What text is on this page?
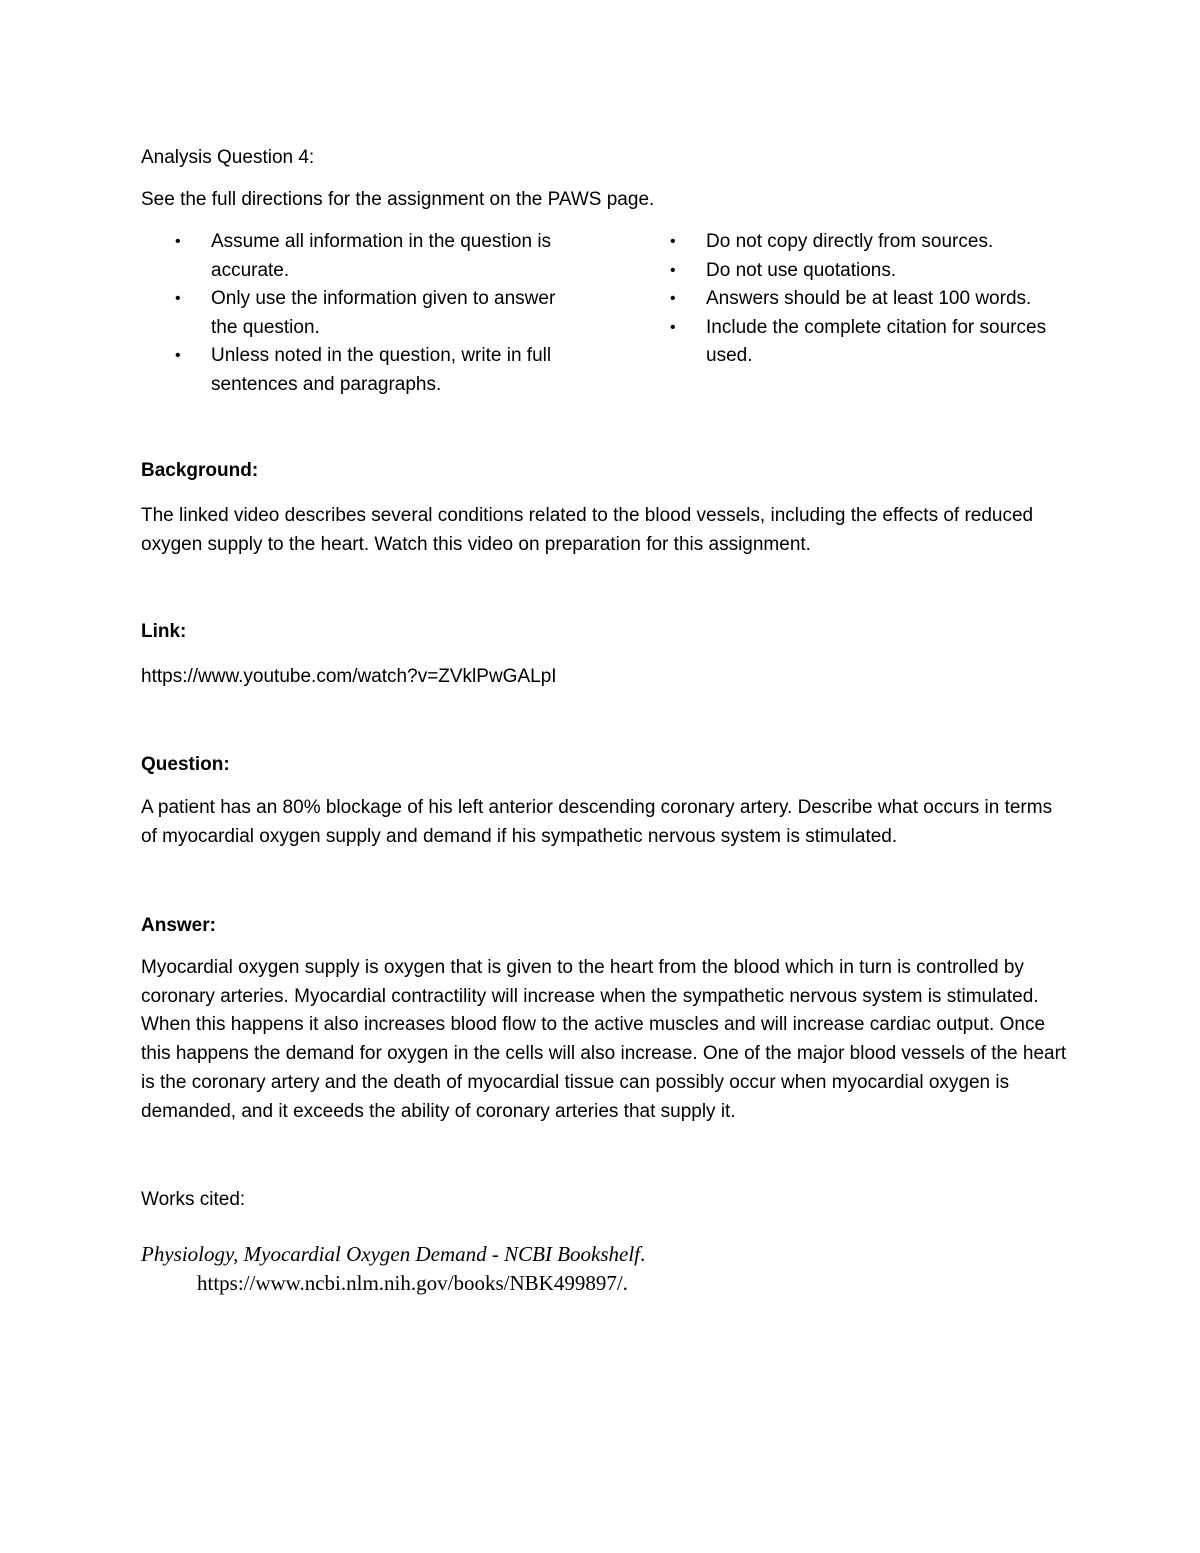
Analysis Question 4:
See the full directions for the assignment on the PAWS page.
• Assume all information in the question is accurate.
• Only use the information given to answer the question.
• Unless noted in the question, write in full sentences and paragraphs.
• Do not copy directly from sources.
• Do not use quotations.
• Answers should be at least 100 words.
• Include the complete citation for sources used.
Background:
The linked video describes several conditions related to the blood vessels, including the effects of reduced oxygen supply to the heart. Watch this video on preparation for this assignment.
Link:
https://www.youtube.com/watch?v=ZVklPwGALpI
Question:
A patient has an 80% blockage of his left anterior descending coronary artery. Describe what occurs in terms of myocardial oxygen supply and demand if his sympathetic nervous system is stimulated.
Answer:
Myocardial oxygen supply is oxygen that is given to the heart from the blood which in turn is controlled by coronary arteries. Myocardial contractility will increase when the sympathetic nervous system is stimulated. When this happens it also increases blood flow to the active muscles and will increase cardiac output. Once this happens the demand for oxygen in the cells will also increase. One of the major blood vessels of the heart is the coronary artery and the death of myocardial tissue can possibly occur when myocardial oxygen is demanded, and it exceeds the ability of coronary arteries that supply it.
Works cited:
Physiology, Myocardial Oxygen Demand - NCBI Bookshelf.
https://www.ncbi.nlm.nih.gov/books/NBK499897/.
